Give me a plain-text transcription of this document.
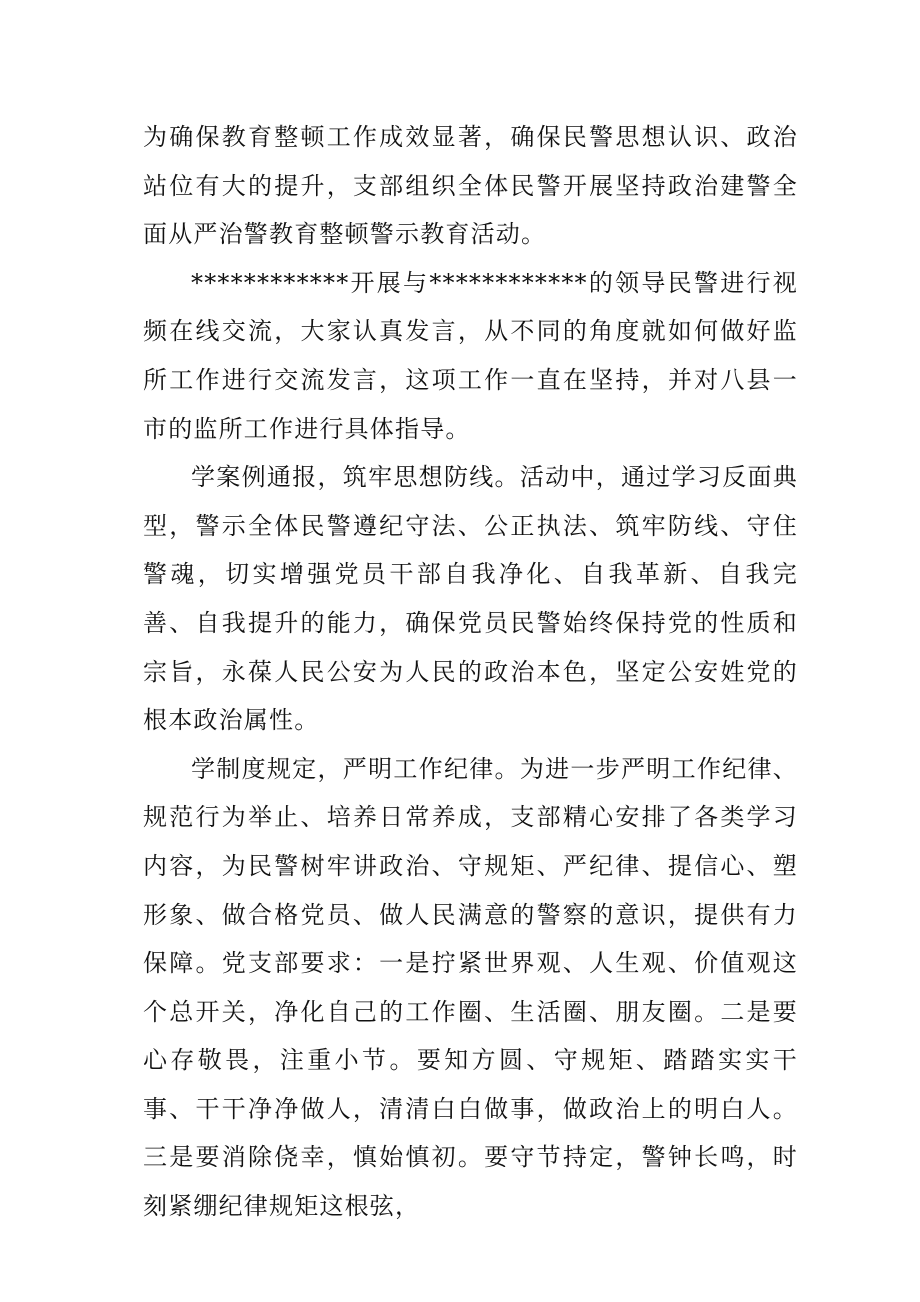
为确保教育整顿工作成效显著，确保民警思想认识、政治站位有大的提升，支部组织全体民警开展坚持政治建警全面从严治警教育整顿警示教育活动。

************开展与************的领导民警进行视频在线交流，大家认真发言，从不同的角度就如何做好监所工作进行交流发言，这项工作一直在坚持，并对八县一市的监所工作进行具体指导。

学案例通报，筑牢思想防线。活动中，通过学习反面典型，警示全体民警遵纪守法、公正执法、筑牢防线、守住警魂，切实增强党员干部自我净化、自我革新、自我完善、自我提升的能力，确保党员民警始终保持党的性质和宗旨，永葆人民公安为人民的政治本色，坚定公安姓党的根本政治属性。

学制度规定，严明工作纪律。为进一步严明工作纪律、规范行为举止、培养日常养成，支部精心安排了各类学习内容，为民警树牢讲政治、守规矩、严纪律、提信心、塑形象、做合格党员、做人民满意的警察的意识，提供有力保障。党支部要求：一是拧紧世界观、人生观、价值观这个总开关，净化自己的工作圈、生活圈、朋友圈。二是要心存敬畏，注重小节。要知方圆、守规矩、踏踏实实干事、干干净净做人，清清白白做事，做政治上的明白人。三是要消除侥幸，慎始慎初。要守节持定，警钟长鸣，时刻紧绷纪律规矩这根弦，
